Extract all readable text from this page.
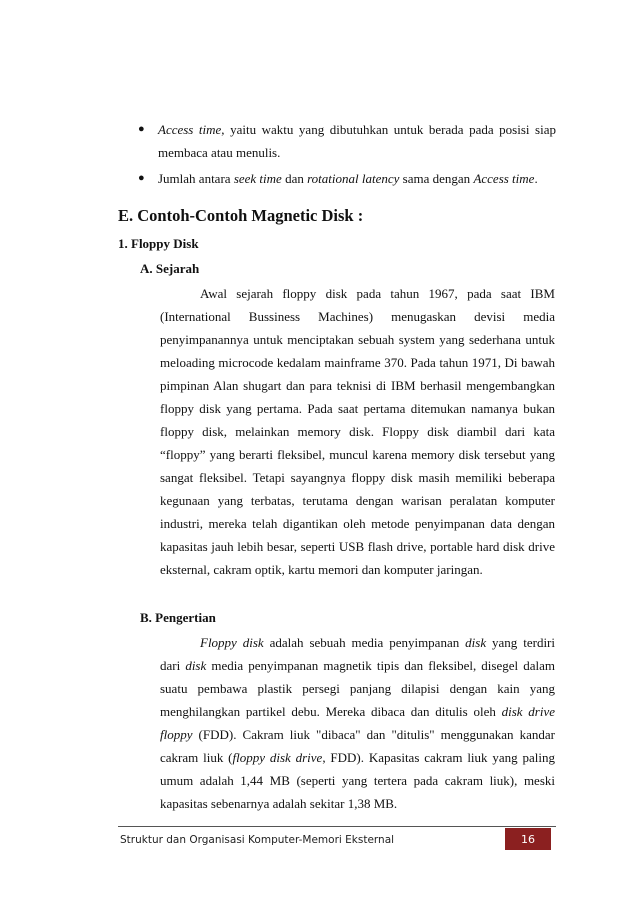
● Access time, yaitu waktu yang dibutuhkan untuk berada pada posisi siap membaca atau menulis.
● Jumlah antara seek time dan rotational latency sama dengan Access time.
E. Contoh-Contoh Magnetic Disk :
1. Floppy Disk
A. Sejarah

Awal sejarah floppy disk pada tahun 1967, pada saat IBM (International Bussiness Machines) menugaskan devisi media penyimpanannya untuk menciptakan sebuah system yang sederhana untuk meloading microcode kedalam mainframe 370. Pada tahun 1971, Di bawah pimpinan Alan shugart dan para teknisi di IBM berhasil mengembangkan floppy disk yang pertama. Pada saat pertama ditemukan namanya bukan floppy disk, melainkan memory disk. Floppy disk diambil dari kata “floppy” yang berarti fleksibel, muncul karena memory disk tersebut yang sangat fleksibel. Tetapi sayangnya floppy disk masih memiliki beberapa kegunaan yang terbatas, terutama dengan warisan peralatan komputer industri, mereka telah digantikan oleh metode penyimpanan data dengan kapasitas jauh lebih besar, seperti USB flash drive, portable hard disk drive eksternal, cakram optik, kartu memori dan komputer jaringan.

B. Pengertian

Floppy disk adalah sebuah media penyimpanan disk yang terdiri dari disk media penyimpanan magnetik tipis dan fleksibel, disegel dalam suatu pembawa plastik persegi panjang dilapisi dengan kain yang menghilangkan partikel debu. Mereka dibaca dan ditulis oleh disk drive floppy (FDD). Cakram liuk "dibaca" dan "ditulis" menggunakan kandar cakram liuk (floppy disk drive, FDD). Kapasitas cakram liuk yang paling umum adalah 1,44 MB (seperti yang tertera pada cakram liuk), meski kapasitas sebenarnya adalah sekitar 1,38 MB.

Struktur dan Organisasi Komputer-Memori Eksternal	16
